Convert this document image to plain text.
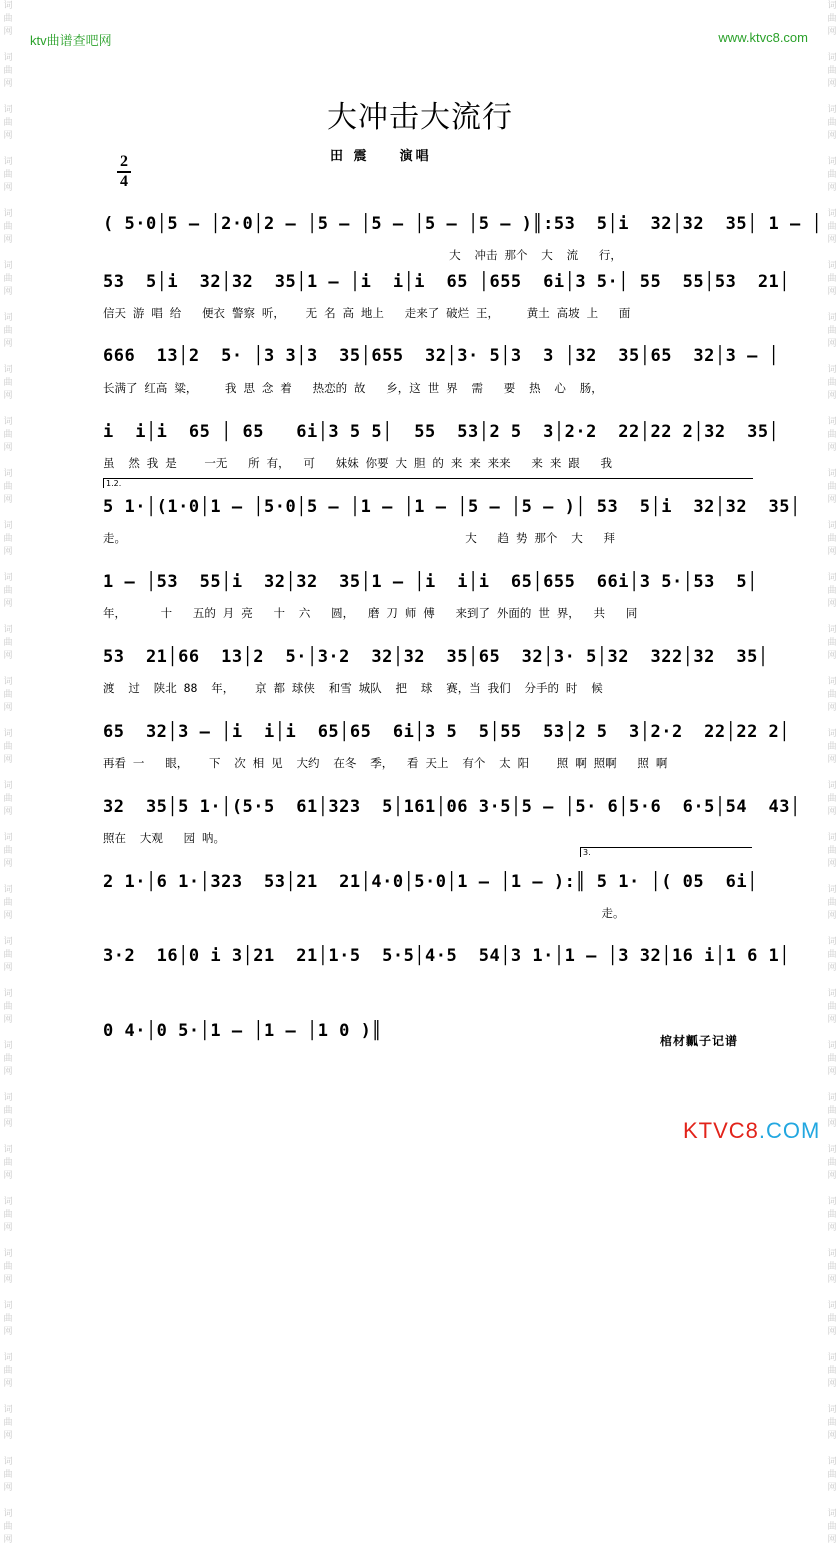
词
曲
网

词
曲
网

词
曲
网

词
曲
网

词
曲
网

词
曲
网

词
曲
网

词
曲
网

词
曲
网

词
曲
网

词
曲
网

词
曲
网

词
曲
网

词
曲
网

词
曲
网

词
曲
网

词
曲
网

词
曲
网

词
曲
网

词
曲
网

词
曲
网

词
曲
网

词
曲
网

词
曲
网

词
曲
网

词
曲
网

词
曲
网

词
曲
网

词
曲
网

词
曲
网

词
曲
网

词
曲
网

词
曲
网

词
曲
网

词
曲
网

词
曲
网

词
曲
网

词
曲
网

词
曲
网

词
曲
网

词
曲
网

词
曲
网

词
曲
网

词
曲
网

词
曲
网

词
曲
网

词
曲
网

词
曲
网

词
曲
网

词
曲
网

词
曲
网

词
曲
网

词
曲
网

词
曲
网

词
曲
网

词
曲
网

词
曲
网

词
曲
网

词
曲
网

词
曲
网

ktv曲谱查吧网	www.ktvc8.com
大冲击大流行
田 震    演唱
2
4
1.2.
3.
( 5·0│5 – │2·0│2 – │5 – │5 – │5 – │5 – )║:53  5│i  32│32  35│ 1 – │
大  冲击 那个  大  流   行，
53  5│i  32│32  35│1 – │i  i│i  65 │655  6i│3 5·│ 55  55│53  21│
信天 游 唱 给   便衣 警察 听，   无 名 高 地上   走来了 破烂 王，    黄土 高坡 上   面
666  13│2  5· │3 3│3  35│655  32│3· 5│3  3 │32  35│65  32│3 – │
长满了 红高 粱，    我 思 念 着   热恋的 故   乡，这 世 界  需   要  热  心  肠，
i  i│i  65 │ 65   6i│3 5 5│  55  53│2 5  3│2·2  22│22 2│32  35│
虽  然 我 是    一无   所 有，  可   妹妹 你要 大 胆 的 来 来 来来   来 来 跟   我
5 1·│(1·0│1 – │5·0│5 – │1 – │1 – │5 – │5 – )│ 53  5│i  32│32  35│
走。                                                 大   趋 势 那个  大   拜
1 – │53  55│i  32│32  35│1 – │i  i│i  65│655  66i│3 5·│53  5│
年，     十   五的 月 亮   十  六   圆，  磨 刀 师 傅   来到了 外面的 世 界，  共   同
53  21│66  13│2  5·│3·2  32│32  35│65  32│3· 5│32  322│32  35│
渡  过  陕北 88  年，   京 都 球侠  和雪 城队  把  球  赛，当 我们  分手的 时  候
65  32│3 – │i  i│i  65│65  6i│3 5  5│55  53│2 5  3│2·2  22│22 2│
再看 一   眼，   下  次 相 见  大约  在冬  季，  看 天上  有个  太 阳    照 啊 照啊   照 啊
32  35│5 1·│(5·5  61│323  5│161│06 3·5│5 – │5· 6│5·6  6·5│54  43│
照在  大观   园 呐。
2 1·│6 1·│323  53│21  21│4·0│5·0│1 – │1 – ):║ 5 1· │( 05  6i│
走。
3·2  16│0 i 3│21  21│1·5  5·5│4·5  54│3 1·│1 – │3 32│16 i│1 6 1│
0 4·│0 5·│1 – │1 – │1 0 )║	棺材瓤子记谱
KTVC8.COM
